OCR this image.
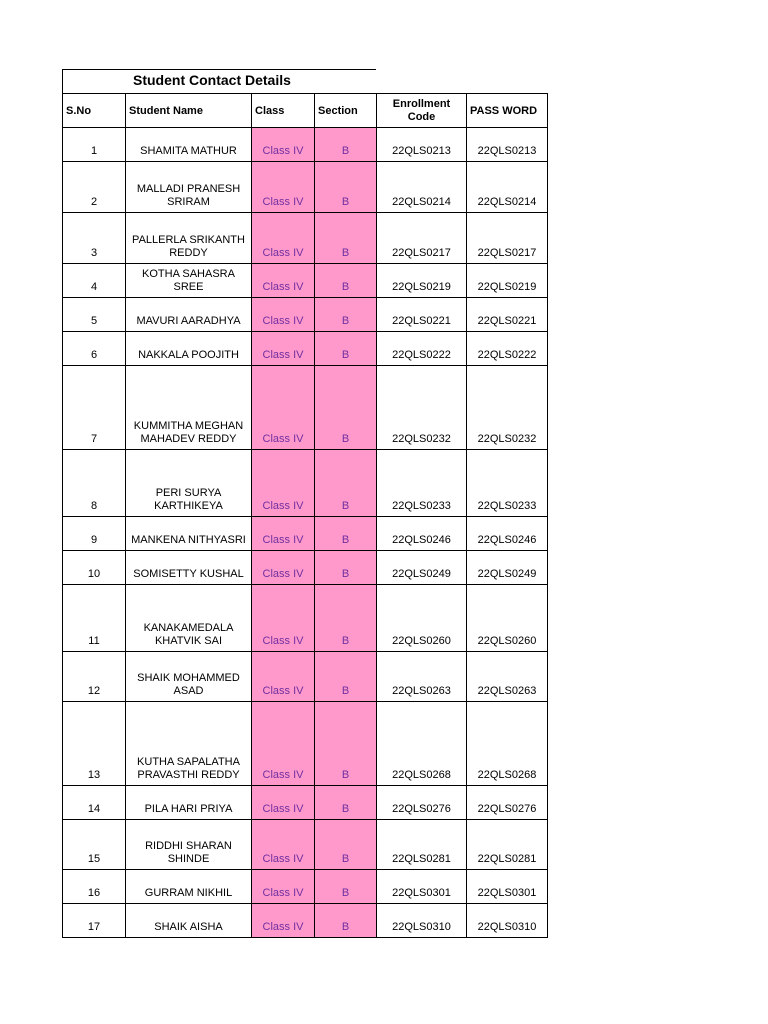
Student Contact Details
S.No	Student Name	Class	Section	Enrollment Code	PASS WORD
1	SHAMITA MATHUR	Class IV	B	22QLS0213	22QLS0213
2	MALLADI PRANESH SRIRAM	Class IV	B	22QLS0214	22QLS0214
3	PALLERLA SRIKANTH REDDY	Class IV	B	22QLS0217	22QLS0217
4	KOTHA SAHASRA SREE	Class IV	B	22QLS0219	22QLS0219
5	MAVURI AARADHYA	Class IV	B	22QLS0221	22QLS0221
6	NAKKALA POOJITH	Class IV	B	22QLS0222	22QLS0222
7	KUMMITHA MEGHAN MAHADEV REDDY	Class IV	B	22QLS0232	22QLS0232
8	PERI SURYA KARTHIKEYA	Class IV	B	22QLS0233	22QLS0233
9	MANKENA NITHYASRI	Class IV	B	22QLS0246	22QLS0246
10	SOMISETTY KUSHAL	Class IV	B	22QLS0249	22QLS0249
11	KANAKAMEDALA KHATVIK SAI	Class IV	B	22QLS0260	22QLS0260
12	SHAIK MOHAMMED ASAD	Class IV	B	22QLS0263	22QLS0263
13	KUTHA SAPALATHA PRAVASTHI REDDY	Class IV	B	22QLS0268	22QLS0268
14	PILA HARI PRIYA	Class IV	B	22QLS0276	22QLS0276
15	RIDDHI SHARAN SHINDE	Class IV	B	22QLS0281	22QLS0281
16	GURRAM NIKHIL	Class IV	B	22QLS0301	22QLS0301
17	SHAIK AISHA	Class IV	B	22QLS0310	22QLS0310
